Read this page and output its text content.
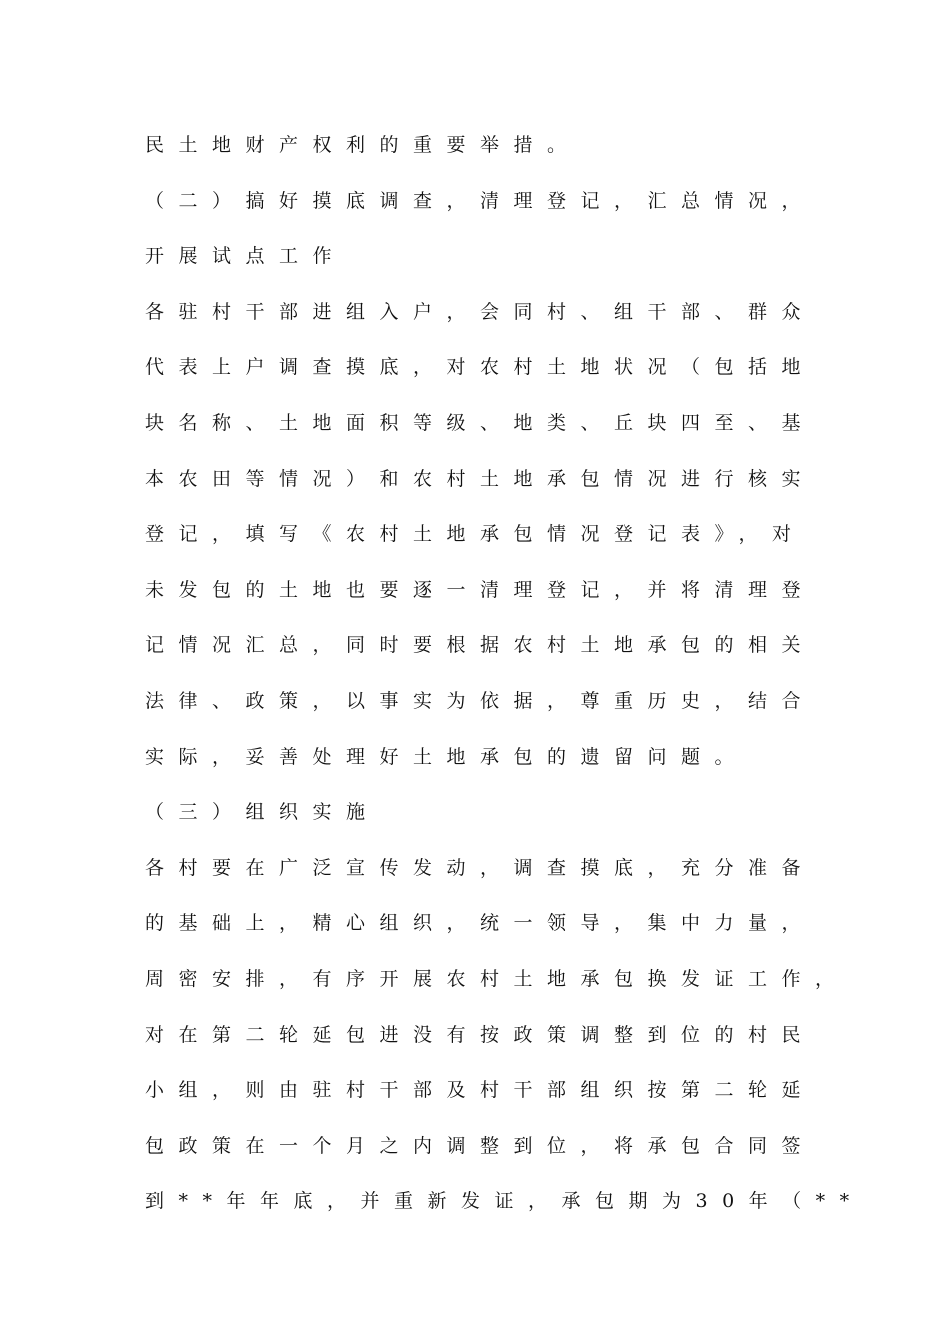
民土地财产权利的重要举措。
（二）搞好摸底调查，清理登记，汇总情况，
开展试点工作
各驻村干部进组入户，会同村、组干部、群众
代表上户调查摸底，对农村土地状况（包括地
块名称、土地面积等级、地类、丘块四至、基
本农田等情况）和农村土地承包情况进行核实
登记，填写《农村土地承包情况登记表》，对
未发包的土地也要逐一清理登记，并将清理登
记情况汇总，同时要根据农村土地承包的相关
法律、政策，以事实为依据，尊重历史，结合
实际，妥善处理好土地承包的遗留问题。
（三）组织实施
各村要在广泛宣传发动，调查摸底，充分准备
的基础上，精心组织，统一领导，集中力量，
周密安排，有序开展农村土地承包换发证工作，
对在第二轮延包进没有按政策调整到位的村民
小组，则由驻村干部及村干部组织按第二轮延
包政策在一个月之内调整到位，将承包合同签
到**年年底，并重新发证，承包期为30年（**
